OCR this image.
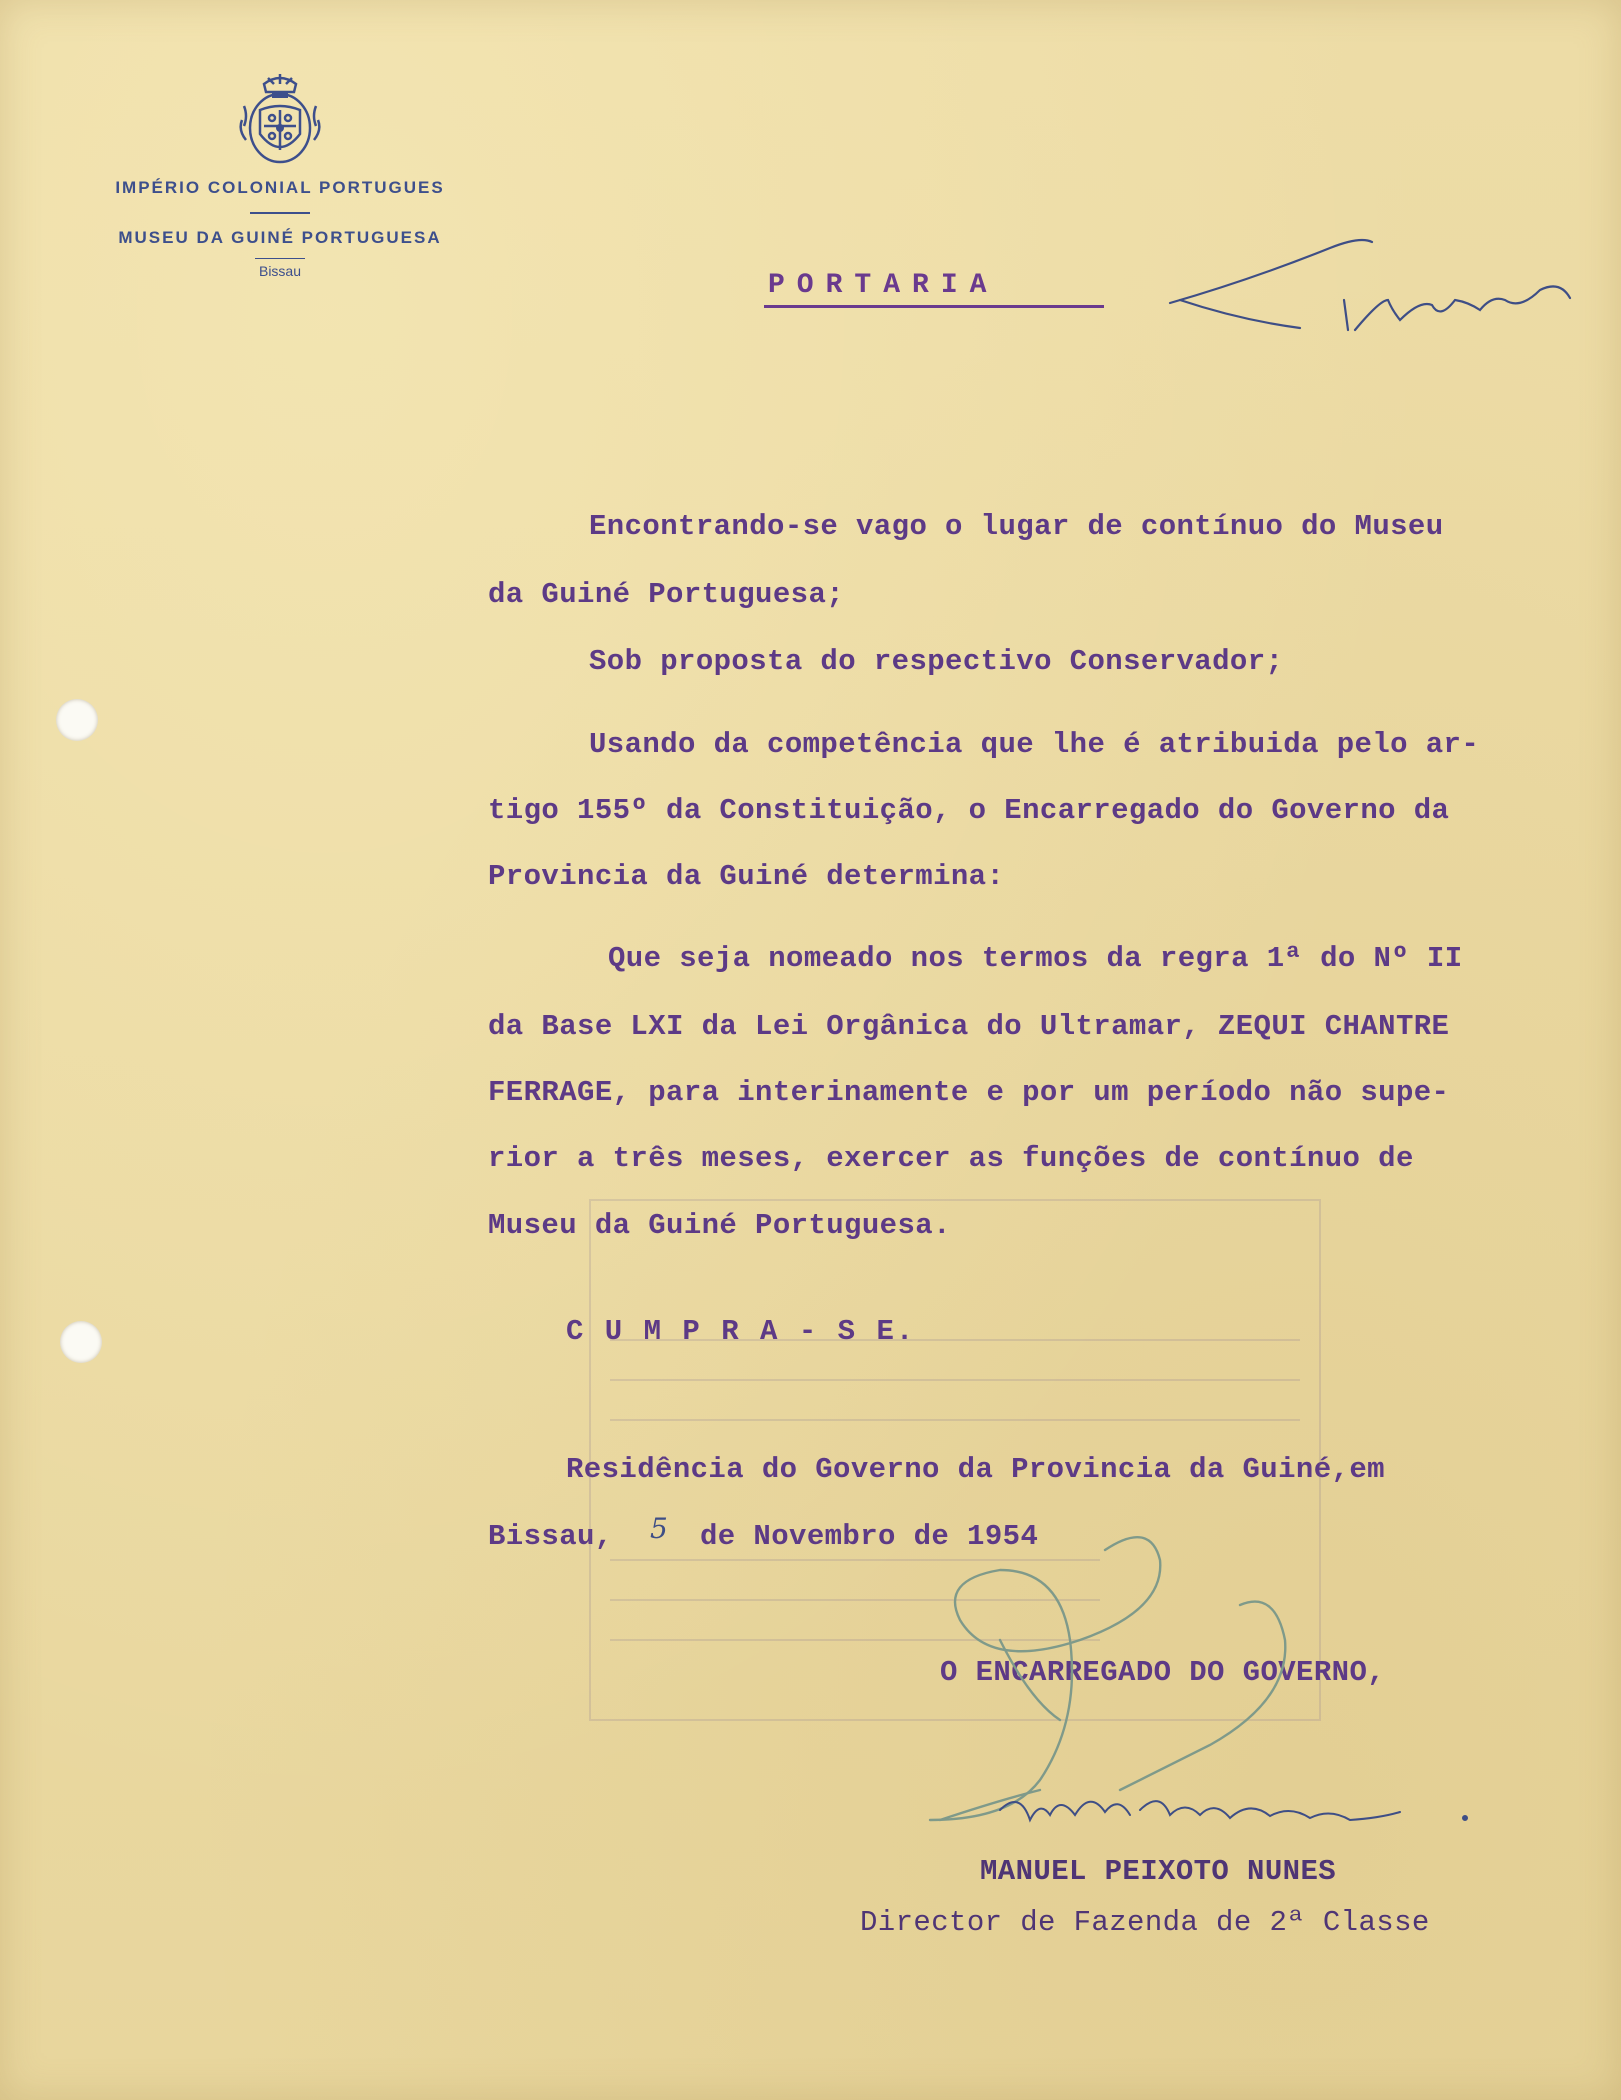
IMPÉRIO COLONIAL PORTUGUES
MUSEU DA GUINÉ PORTUGUESA
Bissau	PORTARIA
Encontrando-se vago o lugar de contínuo do Museu
da Guiné Portuguesa;
Sob proposta do respectivo Conservador;
Usando da competência que lhe é atribuida pelo ar-
tigo 155º da Constituição, o Encarregado do Governo da
Provincia da Guiné determina:
Que seja nomeado nos termos da regra 1ª do Nº II
da Base LXI da Lei Orgânica do Ultramar, ZEQUI CHANTRE
FERRAGE, para interinamente e por um período não supe-
rior a três meses, exercer as funções de contínuo de
Museu da Guiné Portuguesa.
C U M P R A - S E.
Residência do Governo da Provincia da Guiné,em
Bissau, 5 de Novembro de 1954
O ENCARREGADO DO GOVERNO,
MANUEL PEIXOTO NUNES
Director de Fazenda de 2ª Classe
